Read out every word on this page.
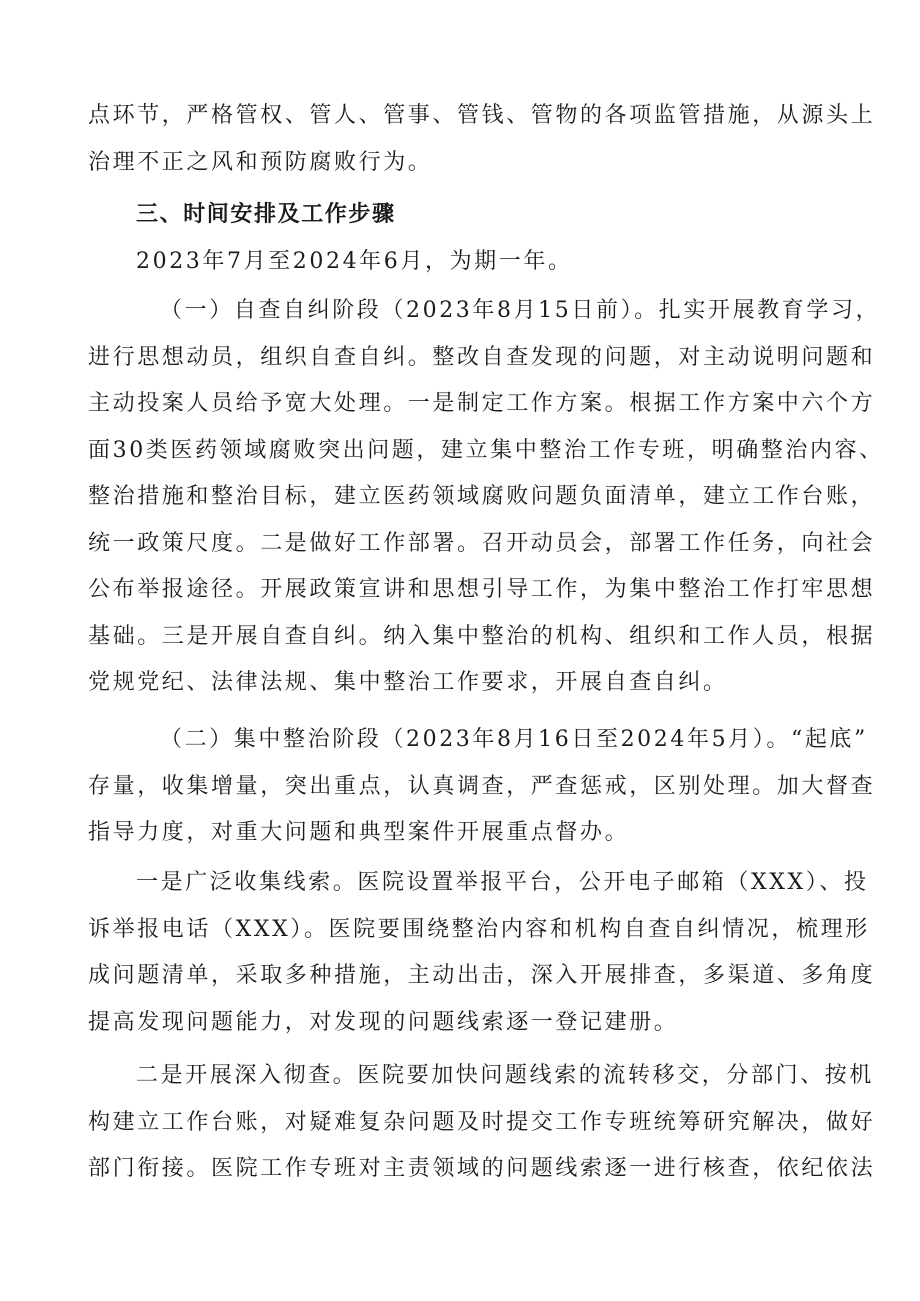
点环节，严格管权、管人、管事、管钱、管物的各项监管措施，从源头上
治理不正之风和预防腐败行为。
三、时间安排及工作步骤
2023年7月至2024年6月，为期一年。
（一）自查自纠阶段（2023年8月15日前）。扎实开展教育学习，
进行思想动员，组织自查自纠。整改自查发现的问题，对主动说明问题和
主动投案人员给予宽大处理。一是制定工作方案。根据工作方案中六个方
面30类医药领域腐败突出问题，建立集中整治工作专班，明确整治内容、
整治措施和整治目标，建立医药领域腐败问题负面清单，建立工作台账，
统一政策尺度。二是做好工作部署。召开动员会，部署工作任务，向社会
公布举报途径。开展政策宣讲和思想引导工作，为集中整治工作打牢思想
基础。三是开展自查自纠。纳入集中整治的机构、组织和工作人员，根据
党规党纪、法律法规、集中整治工作要求，开展自查自纠。
（二）集中整治阶段（2023年8月16日至2024年5月）。“起底”
存量，收集增量，突出重点，认真调查，严查惩戒，区别处理。加大督查
指导力度，对重大问题和典型案件开展重点督办。
一是广泛收集线索。医院设置举报平台，公开电子邮箱（XXX）、投
诉举报电话（XXX）。医院要围绕整治内容和机构自查自纠情况，梳理形
成问题清单，采取多种措施，主动出击，深入开展排查，多渠道、多角度
提高发现问题能力，对发现的问题线索逐一登记建册。
二是开展深入彻查。医院要加快问题线索的流转移交，分部门、按机
构建立工作台账，对疑难复杂问题及时提交工作专班统筹研究解决，做好
部门衔接。医院工作专班对主责领域的问题线索逐一进行核查，依纪依法
